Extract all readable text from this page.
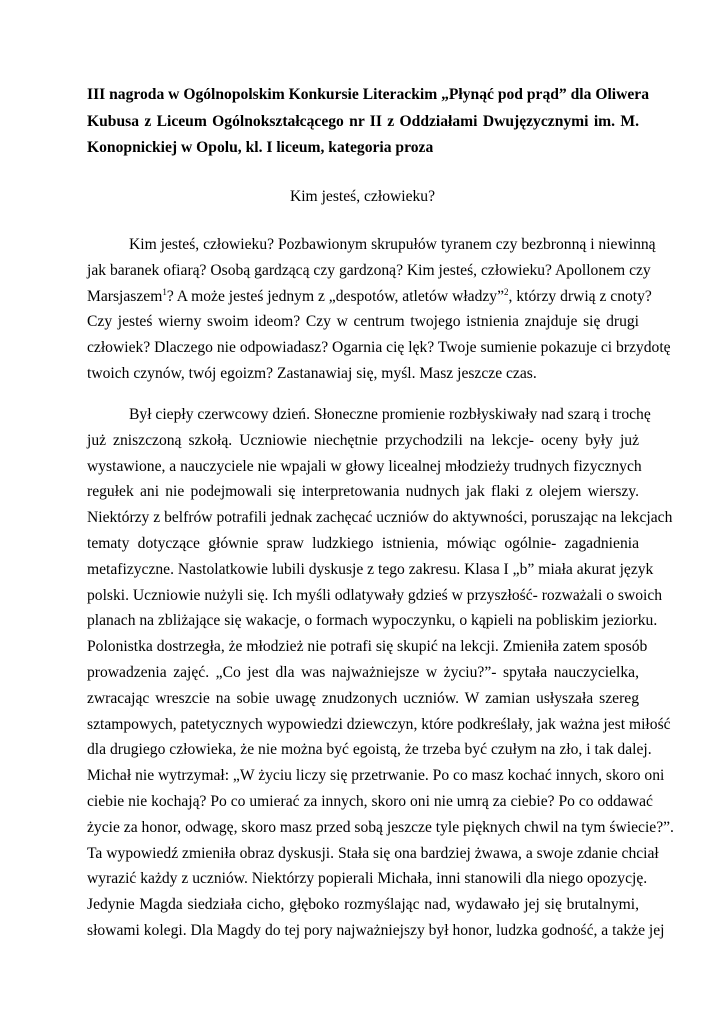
III nagroda w Ogólnopolskim Konkursie Literackim „Płynąć pod prąd” dla Oliwera
Kubusa z Liceum Ogólnokształcącego nr II z Oddziałami Dwujęzycznymi im. M.
Konopnickiej w Opolu, kl. I liceum, kategoria proza
Kim jesteś, człowieku?
Kim jesteś, człowieku? Pozbawionym skrupułów tyranem czy bezbronną i niewinną
jak baranek ofiarą? Osobą gardzącą czy gardzoną? Kim jesteś, człowieku? Apollonem czy
Marsjaszem$^1$? A może jesteś jednym z „despotów, atletów władzy”$^2$, którzy drwią z cnoty?
Czy jesteś wierny swoim ideom? Czy w centrum twojego istnienia znajduje się drugi
człowiek? Dlaczego nie odpowiadasz? Ogarnia cię lęk? Twoje sumienie pokazuje ci brzydotę
twoich czynów, twój egoizm? Zastanawiaj się, myśl. Masz jeszcze czas.
Był ciepły czerwcowy dzień. Słoneczne promienie rozbłyskiwały nad szarą i trochę
już zniszczoną szkołą. Uczniowie niechętnie przychodzili na lekcje- oceny były już
wystawione, a nauczyciele nie wpajali w głowy licealnej młodzieży trudnych fizycznych
regułek ani nie podejmowali się interpretowania nudnych jak flaki z olejem wierszy.
Niektórzy z belfrów potrafili jednak zachęcać uczniów do aktywności, poruszając na lekcjach
tematy dotyczące głównie spraw ludzkiego istnienia, mówiąc ogólnie- zagadnienia
metafizyczne. Nastolatkowie lubili dyskusje z tego zakresu. Klasa I „b” miała akurat język
polski. Uczniowie nużyli się. Ich myśli odlatywały gdzieś w przyszłość- rozważali o swoich
planach na zbliżające się wakacje, o formach wypoczynku, o kąpieli na pobliskim jeziorku.
Polonistka dostrzegła, że młodzież nie potrafi się skupić na lekcji. Zmieniła zatem sposób
prowadzenia zajęć. „Co jest dla was najważniejsze w życiu?”- spytała nauczycielka,
zwracając wreszcie na sobie uwagę znudzonych uczniów. W zamian usłyszała szereg
sztampowych, patetycznych wypowiedzi dziewczyn, które podkreślały, jak ważna jest miłość
dla drugiego człowieka, że nie można być egoistą, że trzeba być czułym na zło, i tak dalej.
Michał nie wytrzymał: „W życiu liczy się przetrwanie. Po co masz kochać innych, skoro oni
ciebie nie kochają? Po co umierać za innych, skoro oni nie umrą za ciebie? Po co oddawać
życie za honor, odwagę, skoro masz przed sobą jeszcze tyle pięknych chwil na tym świecie?”.
Ta wypowiedź zmieniła obraz dyskusji. Stała się ona bardziej żwawa, a swoje zdanie chciał
wyrazić każdy z uczniów. Niektórzy popierali Michała, inni stanowili dla niego opozycję.
Jedynie Magda siedziała cicho, głęboko rozmyślając nad, wydawało jej się brutalnymi,
słowami kolegi. Dla Magdy do tej pory najważniejszy był honor, ludzka godność, a także jej
